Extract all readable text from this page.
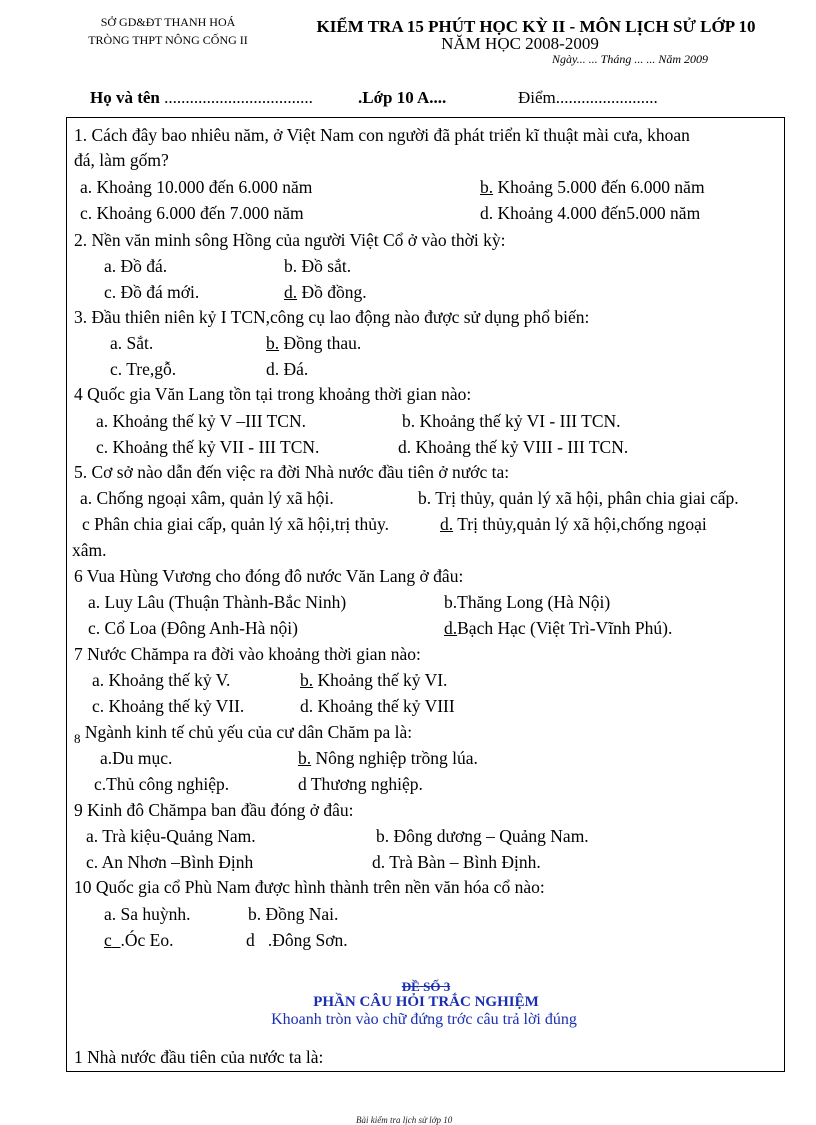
SỞ GD&ĐT THANH HOÁ
TRÒNG THPT NÔNG CỐNG II
KIỂM TRA 15 PHÚT HỌC KỲ II - MÔN LỊCH SỬ LỚP 10
NĂM HỌC 2008-2009
Ngày... ... Tháng ... ... Năm 2009
Họ và tên ...................................	.Lớp 10 A....	Điểm........................
1. Cách đây bao nhiêu năm, ở Việt Nam con người đã phát triển kĩ thuật mài cưa, khoan
đá, làm gốm?
a. Khoảng 10.000 đến 6.000 năm	b. Khoảng 5.000 đến 6.000 năm
c. Khoảng 6.000 đến 7.000 năm	d. Khoảng 4.000 đến5.000 năm
2. Nền văn minh sông Hồng của người Việt Cổ ở vào thời kỳ:
a. Đồ đá.	b. Đồ sắt.
c. Đồ đá mới.	d. Đồ đồng.
3. Đầu thiên niên kỷ I TCN,công cụ lao động nào được sử dụng phổ biến:
a. Sắt.	b. Đồng thau.
c. Tre,gỗ.	d. Đá.
4 Quốc gia Văn Lang tồn tại trong khoảng thời gian nào:
a. Khoảng thế kỷ V –III TCN.	b. Khoảng thế kỷ VI - III TCN.
c. Khoảng thế kỷ VII - III TCN.	d. Khoảng thế kỷ VIII - III TCN.
5. Cơ sở nào dẫn đến việc ra đời Nhà nước đầu tiên ở nước ta:
a. Chống ngoại xâm, quản lý xã hội.	b. Trị thủy, quản lý xã hội, phân chia giai cấp.
c Phân chia giai cấp, quản lý xã hội,trị thủy.	d. Trị thủy,quản lý xã hội,chống ngoại
xâm.
6 Vua Hùng Vương cho đóng đô nước Văn Lang ở đâu:
a. Luy Lâu (Thuận Thành-Bắc Ninh)	b.Thăng Long (Hà Nội)
c. Cổ Loa (Đông Anh-Hà nội)	d.Bạch Hạc (Việt Trì-Vĩnh Phú).
7 Nước Chămpa ra đời vào khoảng thời gian nào:
a. Khoảng thế kỷ V.	b. Khoảng thế kỷ VI.
c. Khoảng thế kỷ VII.	d. Khoảng thế kỷ VIII
$_8$ Ngành kinh tế chủ yếu của cư dân Chăm pa là:
a.Du mục.	b. Nông nghiệp trồng lúa.
c.Thủ công nghiệp.	d Thương nghiệp.
9 Kinh đô Chămpa ban đầu đóng ở đâu:
a. Trà kiệu-Quảng Nam.	b. Đông dương – Quảng Nam.
c. An Nhơn –Bình Định	d. Trà Bàn – Bình Định.
10 Quốc gia cổ Phù Nam được hình thành trên nền văn hóa cổ nào:
a. Sa huỳnh.	b. Đồng Nai.
c .Óc Eo.	d .Đông Sơn.
ĐỀ SỐ 3
PHẦN CÂU HỎI TRẮC NGHIỆM
Khoanh tròn vào chữ đứng trớc câu trả lời đúng
1 Nhà nước đầu tiên của nước ta là:
Bài kiểm tra lịch sử lớp 10
